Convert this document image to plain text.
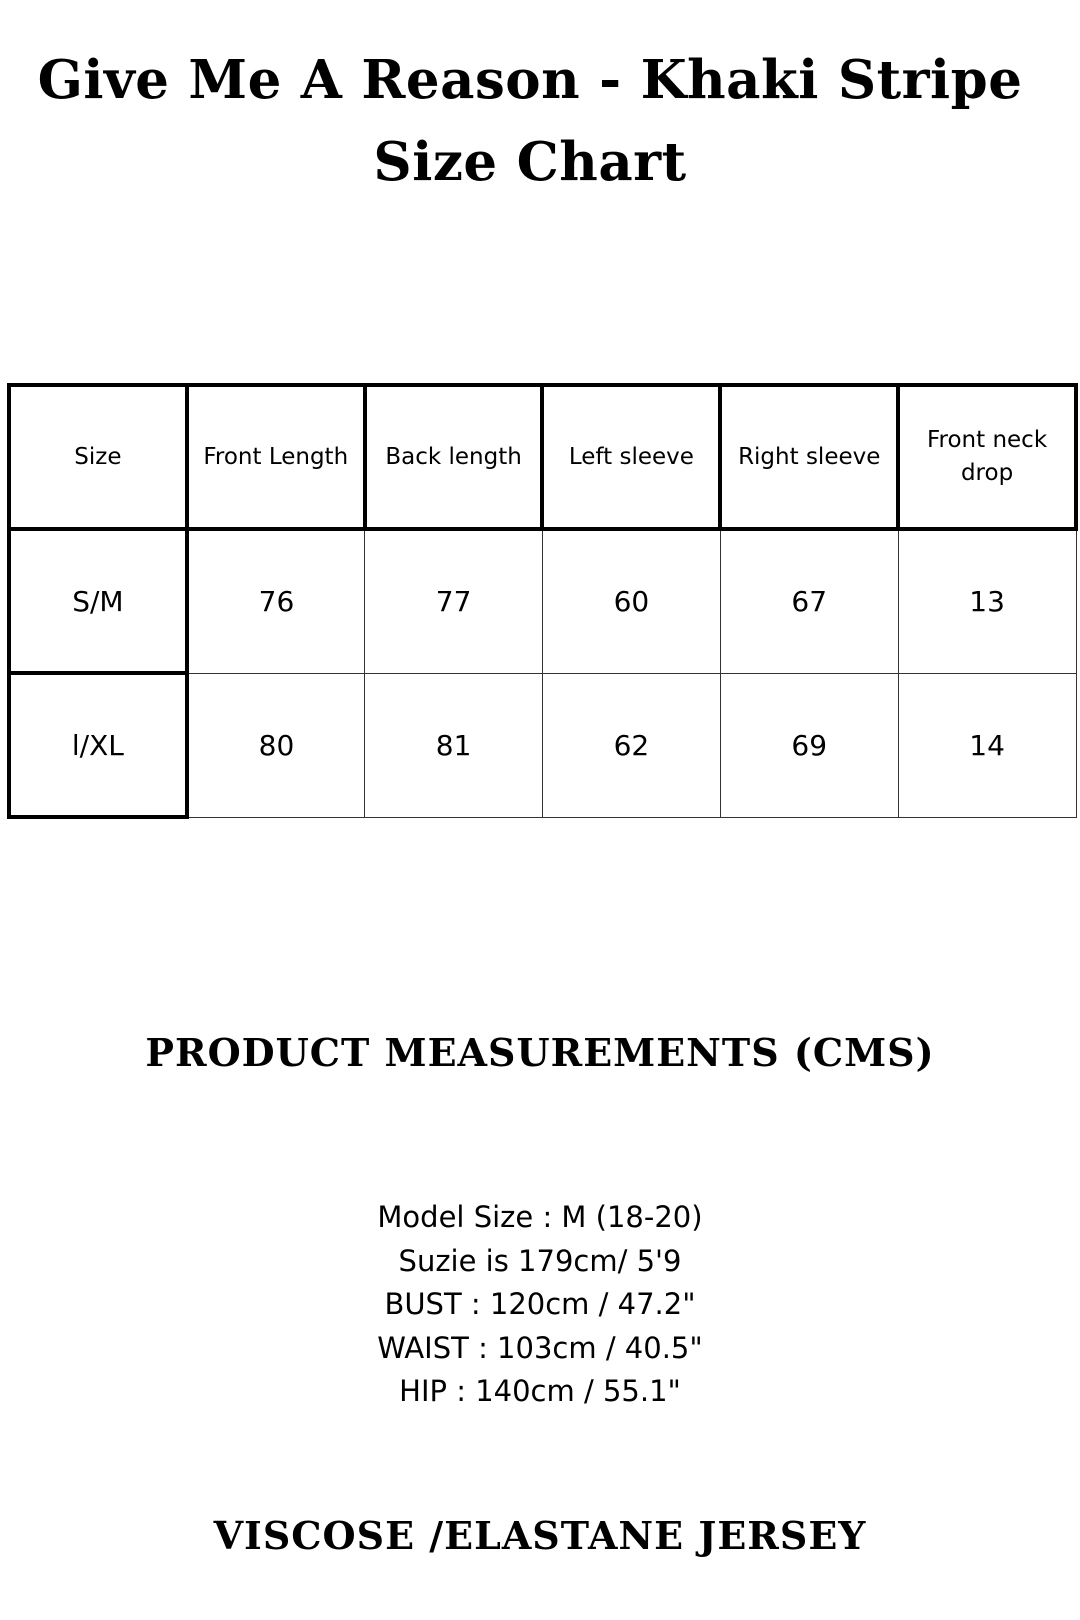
Give Me A Reason - Khaki Stripe
Size Chart
Size	Front Length	Back length	Left sleeve	Right sleeve	Front neck drop
S/M	76	77	60	67	13
l/XL	80	81	62	69	14
PRODUCT MEASUREMENTS (CMS)
Model Size : M (18-20)
Suzie is 179cm/ 5'9
BUST : 120cm / 47.2"
WAIST : 103cm / 40.5"
HIP : 140cm / 55.1"
VISCOSE /ELASTANE JERSEY
